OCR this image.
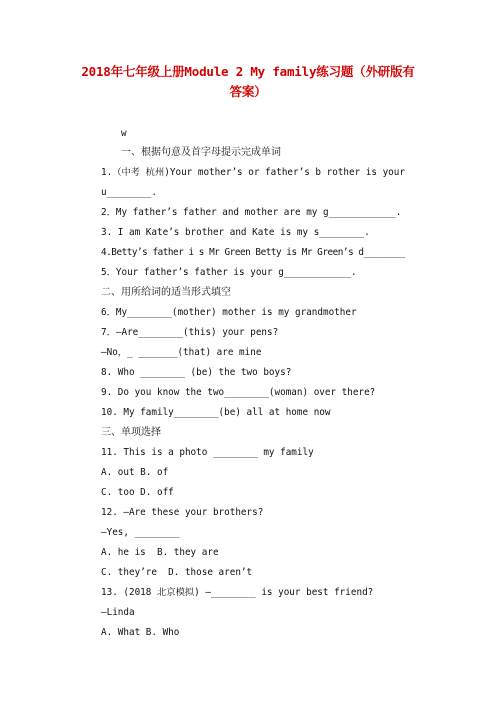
2018年七年级上册Module 2 My family练习题（外研版有
答案）
w
一、根据句意及首字母提示完成单词
1.（中考 杭州)Your mother’s or father’s b rother is your
u________.
2．My father’s father and mother are my g____________.
3. I am Kate’s brother and Kate is my s________.
4.Betty’s father i s Mr Green Betty is Mr Green’s d________
5．Your father’s father is your g____________.
二、用所给词的适当形式填空
6．My________(mother) mother is my grandmother
7．—Are________(this) your pens?
—No，_ _______(that) are mine
8. Who ________ (be) the two boys?
9. Do you know the two________(woman) over there?
10. My family________(be) all at home now
三、单项选择
11. This is a photo ________ my family
A. out B. of
C. too D. off
12. —Are these your brothers?
—Yes, ________
A. he is  B. they are
C. they’re  D. those aren’t
13. (2018 北京模拟) —________ is your best friend?
—Linda
A. What B. Who
